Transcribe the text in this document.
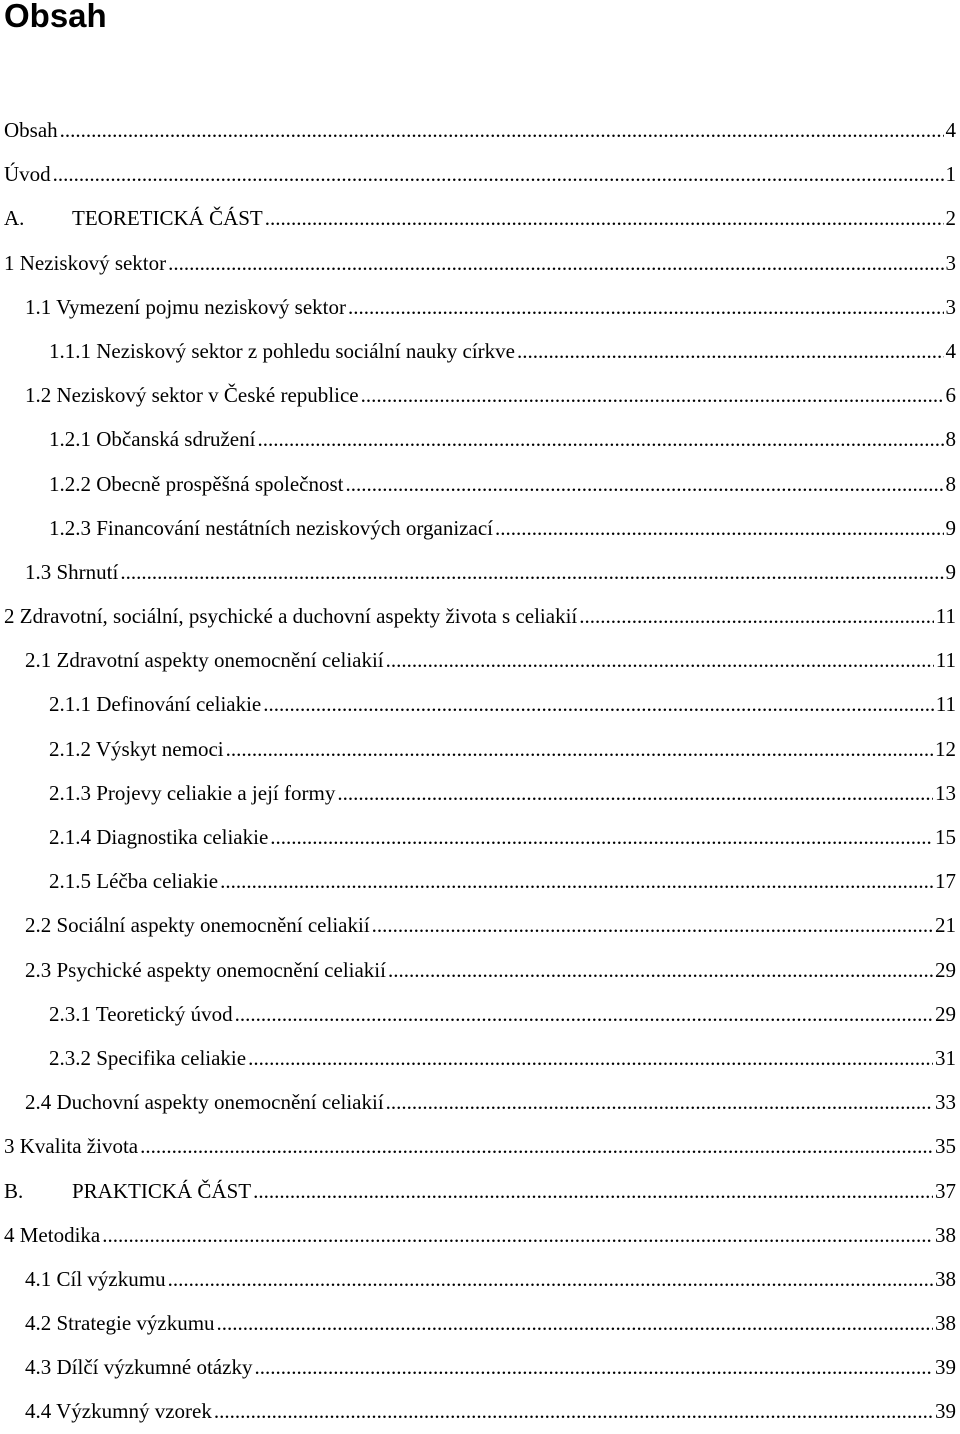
Obsah
Obsah .....	4
Úvod .....	1
A.	TEORETICKÁ ČÁST .....	2
1 Neziskový sektor .....	3
1.1 Vymezení pojmu neziskový sektor .....	3
1.1.1 Neziskový sektor z pohledu sociální nauky církve .....	4
1.2 Neziskový sektor v České republice .....	6
1.2.1 Občanská sdružení .....	8
1.2.2 Obecně prospěšná společnost .....	8
1.2.3 Financování nestátních neziskových organizací .....	9
1.3 Shrnutí .....	9
2 Zdravotní, sociální, psychické a duchovní aspekty života s celiakií .....	11
2.1 Zdravotní aspekty onemocnění celiakií .....	11
2.1.1 Definování celiakie .....	11
2.1.2 Výskyt nemoci .....	12
2.1.3 Projevy celiakie a její formy .....	13
2.1.4 Diagnostika celiakie .....	15
2.1.5 Léčba celiakie .....	17
2.2 Sociální aspekty onemocnění celiakií .....	21
2.3 Psychické aspekty onemocnění celiakií .....	29
2.3.1 Teoretický úvod .....	29
2.3.2 Specifika celiakie .....	31
2.4 Duchovní aspekty onemocnění celiakií .....	33
3 Kvalita života .....	35
B.	PRAKTICKÁ ČÁST .....	37
4 Metodika .....	38
4.1 Cíl výzkumu .....	38
4.2 Strategie výzkumu .....	38
4.3 Dílčí výzkumné otázky .....	39
4.4 Výzkumný vzorek .....	39
